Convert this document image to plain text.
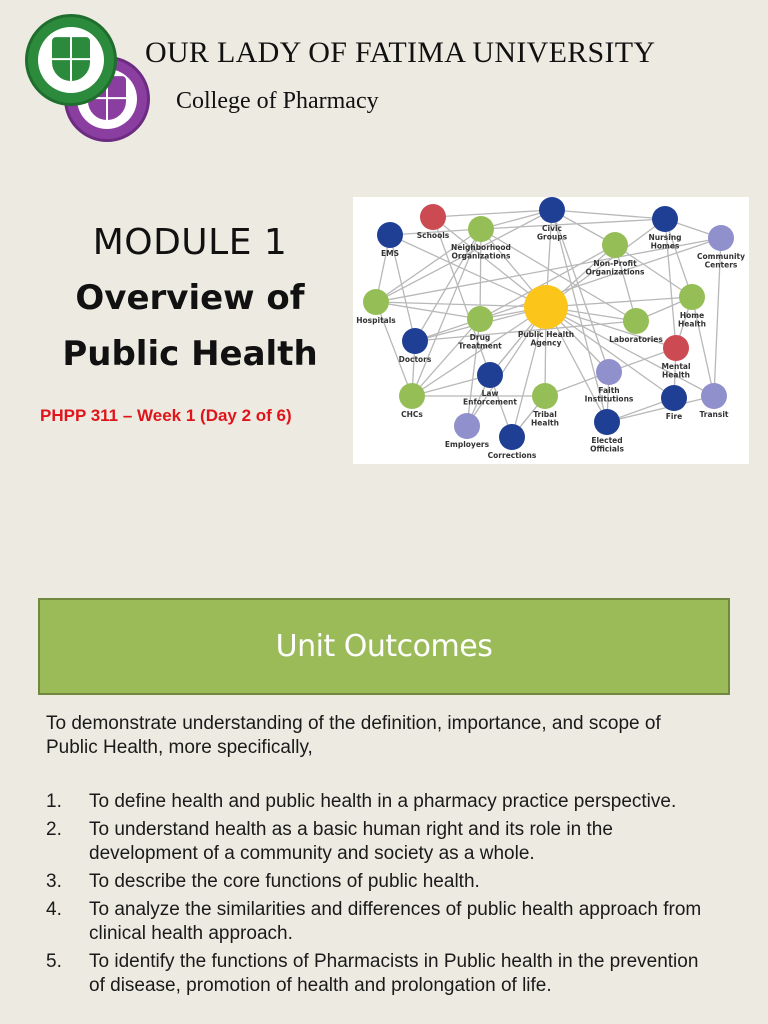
OUR LADY OF FATIMA UNIVERSITY
College of Pharmacy

MODULE 1

Overview of

Public Health

PHPP 311 – Week 1 (Day 2 of 6)
EMS
Schools
Neighborhood Organizations
Civic Groups
Non-Profit Organizations
Nursing Homes
Community Centers
Hospitals
Doctors
Drug Treatment
Public Health Agency	Laboratories
Home Health
Mental Health
CHCs
Law Enforcement
Tribal Health
Faith Institutions
Fire Transit
Employers
Corrections
Elected Officials
Unit Outcomes

To demonstrate understanding of the definition, importance, and scope of Public Health, more specifically,

1.	To define health and public health in a pharmacy practice perspective.
2.	To understand health as a basic human right and its role in the development of a community and society as a whole.
3.	To describe the core functions of public health.
4.	To analyze the similarities and differences of public health approach from clinical health approach.
5.	To identify the functions of Pharmacists in Public health in the prevention of disease, promotion of health and prolongation of life.
